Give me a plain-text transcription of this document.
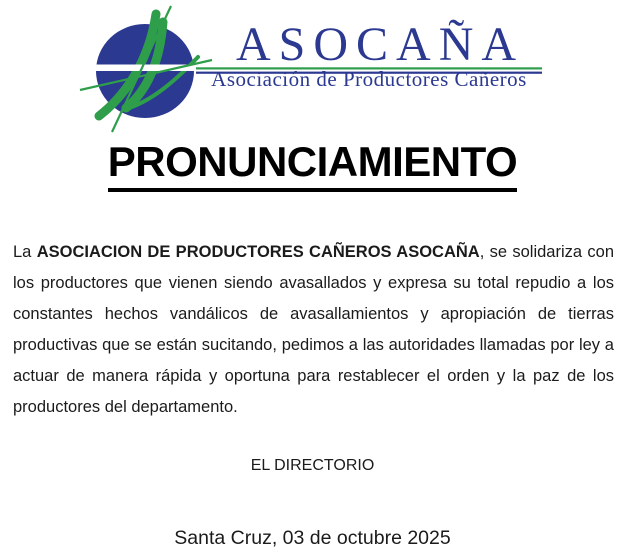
ASOCAÑA
Asociación de Productores Cañeros
PRONUNCIAMIENTO

La ASOCIACION DE PRODUCTORES CAÑEROS ASOCAÑA, se solidariza con los productores que vienen siendo avasallados y expresa su total repudio a los constantes hechos vandálicos de avasallamientos y apropiación de tierras productivas que se están sucitando, pedimos a las autoridades llamadas por ley a actuar de manera rápida y oportuna para restablecer el orden y la paz de los productores del departamento.

EL DIRECTORIO
Santa Cruz, 03 de octubre 2025
